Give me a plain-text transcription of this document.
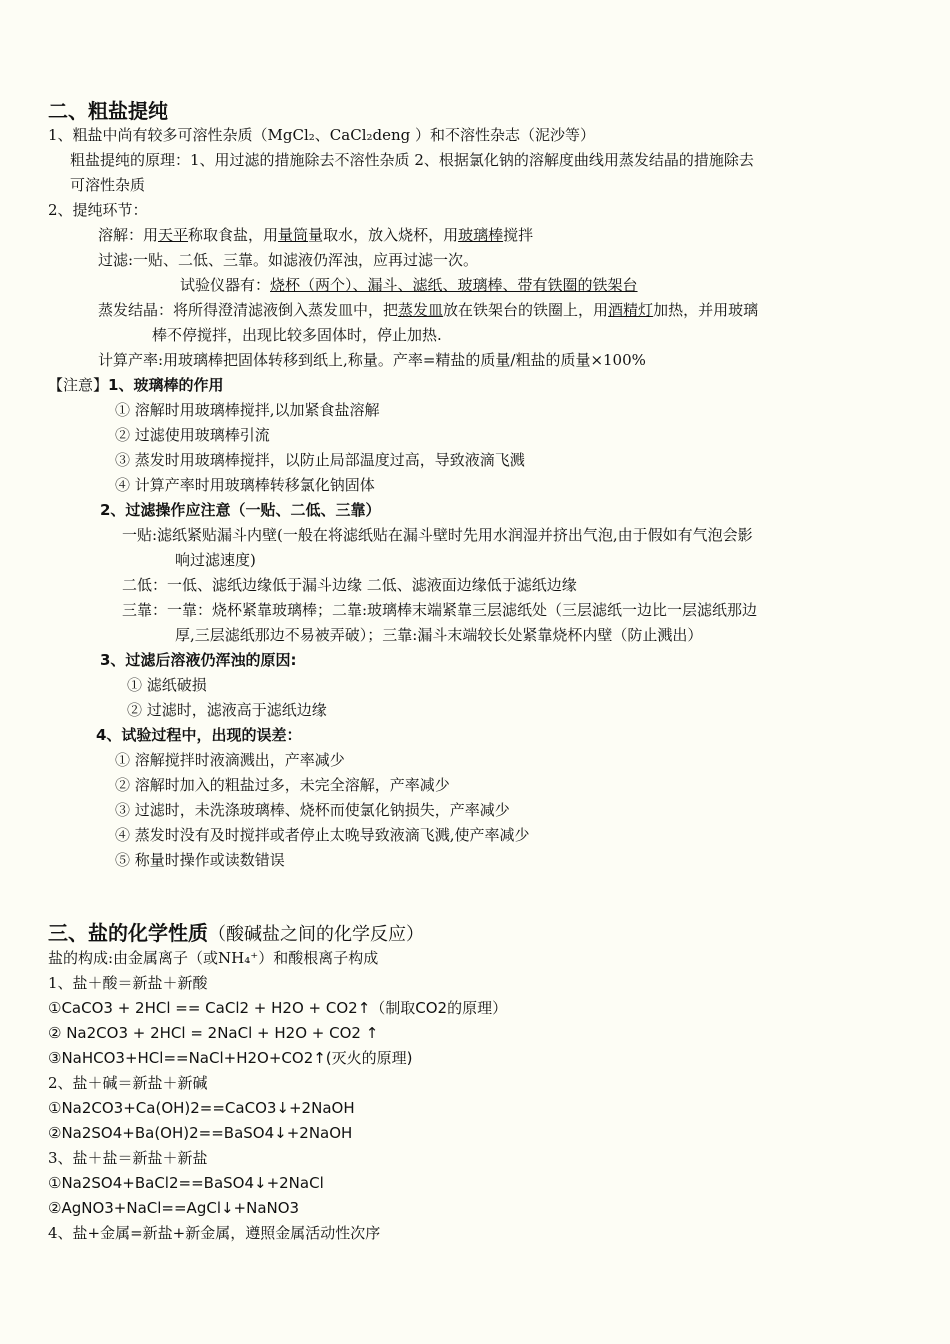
二、粗盐提纯
1、粗盐中尚有较多可溶性杂质（MgCl₂、CaCl₂deng ）和不溶性杂志（泥沙等）
粗盐提纯的原理：1、用过滤的措施除去不溶性杂质 2、根据氯化钠的溶解度曲线用蒸发结晶的措施除去
可溶性杂质
2、提纯环节：
溶解：用天平称取食盐，用量筒量取水，放入烧杯，用玻璃棒搅拌
过滤:一贴、二低、三靠。如滤液仍浑浊，应再过滤一次。
试验仪器有：烧杯（两个）、漏斗、滤纸、玻璃棒、带有铁圈的铁架台
蒸发结晶：将所得澄清滤液倒入蒸发皿中，把蒸发皿放在铁架台的铁圈上，用酒精灯加热，并用玻璃
棒不停搅拌，出现比较多固体时，停止加热.
计算产率:用玻璃棒把固体转移到纸上,称量。产率=精盐的质量/粗盐的质量×100%
【注意】1、玻璃棒的作用
① 溶解时用玻璃棒搅拌,以加紧食盐溶解
② 过滤使用玻璃棒引流
③ 蒸发时用玻璃棒搅拌，以防止局部温度过高，导致液滴飞溅
④ 计算产率时用玻璃棒转移氯化钠固体
2、过滤操作应注意（一贴、二低、三靠）
一贴:滤纸紧贴漏斗内壁(一般在将滤纸贴在漏斗壁时先用水润湿并挤出气泡,由于假如有气泡会影
响过滤速度)
二低：一低、滤纸边缘低于漏斗边缘 二低、滤液面边缘低于滤纸边缘
三靠：一靠：烧杯紧靠玻璃棒；二靠:玻璃棒末端紧靠三层滤纸处（三层滤纸一边比一层滤纸那边
厚,三层滤纸那边不易被弄破）；三靠:漏斗末端较长处紧靠烧杯内壁（防止溅出）
3、过滤后溶液仍浑浊的原因:
① 滤纸破损
② 过滤时，滤液高于滤纸边缘
4、试验过程中，出现的误差：
① 溶解搅拌时液滴溅出，产率减少
② 溶解时加入的粗盐过多，未完全溶解，产率减少
③ 过滤时，未洗涤玻璃棒、烧杯而使氯化钠损失，产率减少
④ 蒸发时没有及时搅拌或者停止太晚导致液滴飞溅,使产率减少
⑤ 称量时操作或读数错误
三、盐的化学性质（酸碱盐之间的化学反应）
盐的构成:由金属离子（或NH₄⁺）和酸根离子构成
1、盐＋酸＝新盐＋新酸
①CaCO3 + 2HCl == CaCl2 + H2O + CO2↑（制取CO2的原理）
② Na2CO3 + 2HCl = 2NaCl + H2O + CO2 ↑
③NaHCO3+HCl==NaCl+H2O+CO2↑(灭火的原理)
2、盐＋碱＝新盐＋新碱
①Na2CO3+Ca(OH)2==CaCO3↓+2NaOH
②Na2SO4+Ba(OH)2==BaSO4↓+2NaOH
3、盐＋盐＝新盐＋新盐
①Na2SO4+BaCl2==BaSO4↓+2NaCl
②AgNO3+NaCl==AgCl↓+NaNO3
4、盐+金属=新盐+新金属，遵照金属活动性次序
